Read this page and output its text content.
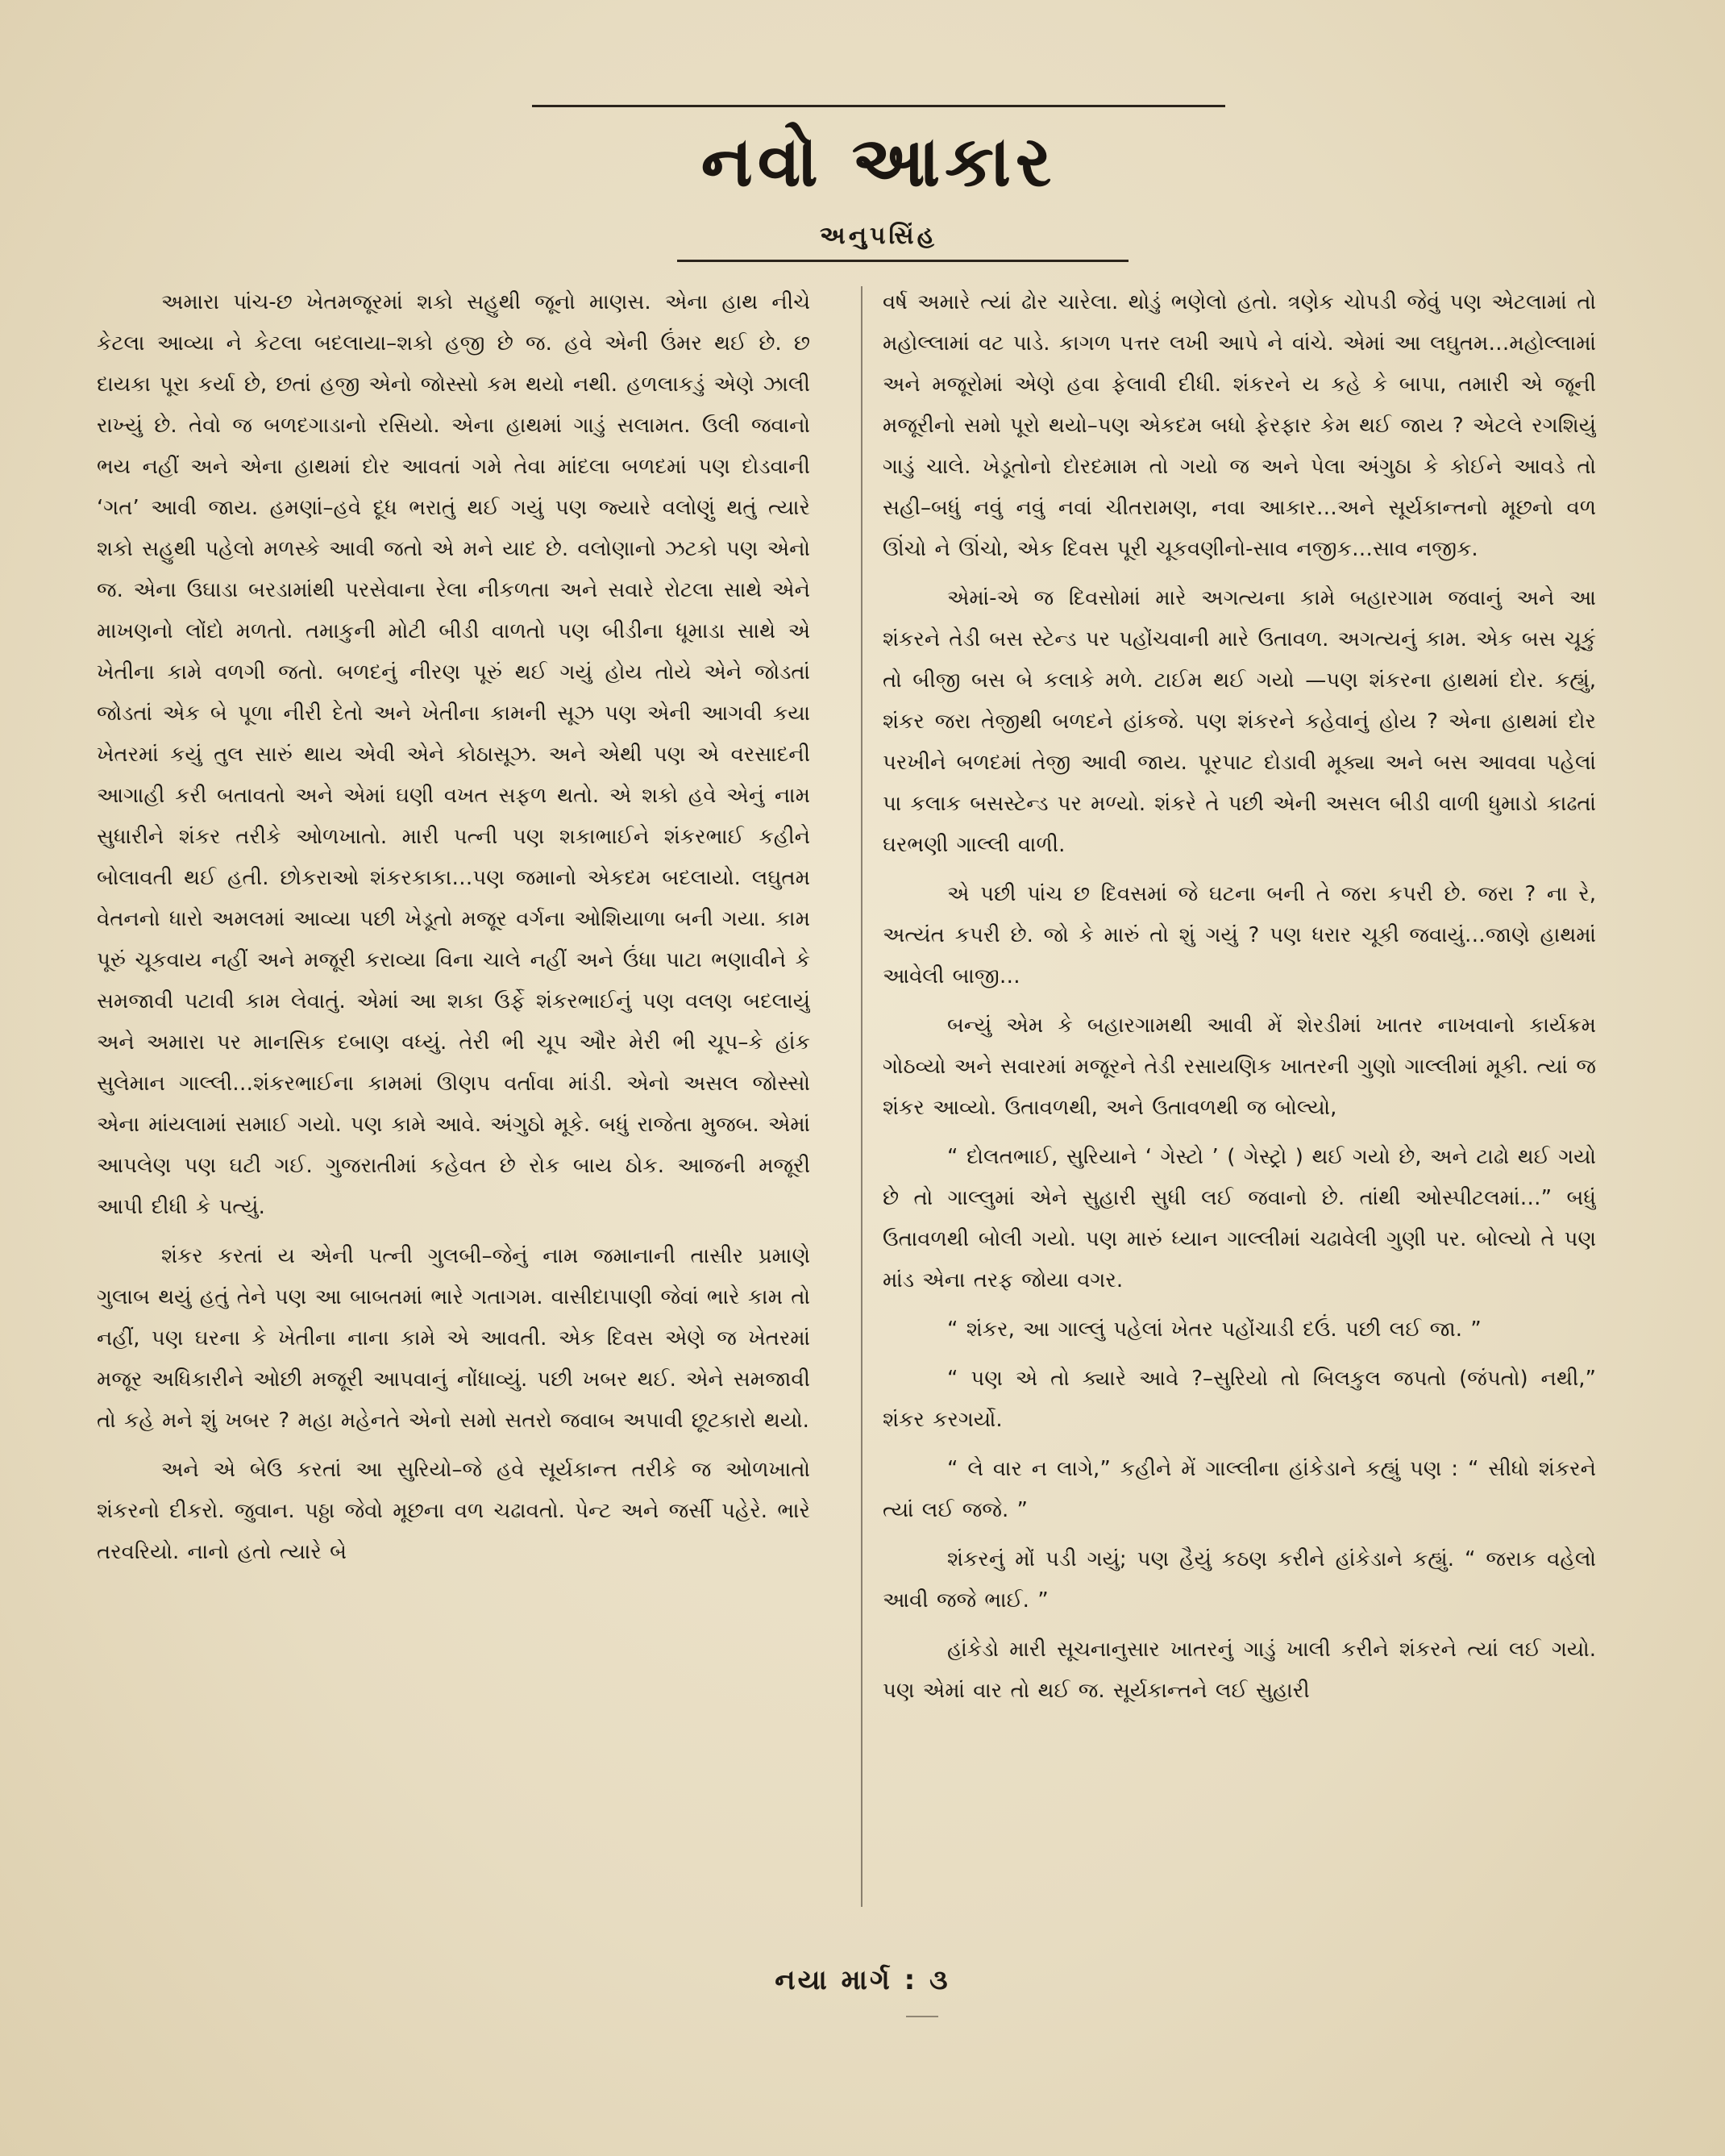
નવો આકાર
અનુપસિંહ

અમારા પાંચ-છ ખેતમજૂરમાં શકો સહુથી જૂનો માણસ. એના હાથ નીચે કેટલા આવ્યા ને કેટલા બદલાયા–શકો હજી છે જ. હવે એની ઉંમર થઈ છે. છ દાયકા પૂરા કર્યા છે, છતાં હજી એનો જોસ્સો કમ થયો નથી. હળલાકડું એણે ઝાલી રાખ્યું છે. તેવો જ બળદગાડાનો રસિયો. એના હાથમાં ગાડું સલામત. ઉલી જવાનો ભય નહીં અને એના હાથમાં દોર આવતાં ગમે તેવા માંદલા બળદમાં પણ દોડવાની ‘ગત’ આવી જાય. હમણાં–હવે દૂધ ભરાતું થઈ ગયું પણ જ્યારે વલોણું થતું ત્યારે શકો સહુથી પહેલો મળસ્કે આવી જતો એ મને યાદ છે. વલોણાનો ઝટકો પણ એનો જ. એના ઉઘાડા બરડામાંથી પરસેવાના રેલા નીકળતા અને સવારે રોટલા સાથે એને માખણનો લોંદો મળતો. તમાકુની મોટી બીડી વાળતો પણ બીડીના ધૂમાડા સાથે એ ખેતીના કામે વળગી જતો. બળદનું નીરણ પૂરું થઈ ગયું હોય તોયે એને જોડતાં જોડતાં એક બે પૂળા નીરી દેતો અને ખેતીના કામની સૂઝ પણ એની આગવી કયા ખેતરમાં કયું તુલ સારું થાય એવી એને કોઠાસૂઝ. અને એથી પણ એ વરસાદની આગાહી કરી બતાવતો અને એમાં ઘણી વખત સફળ થતો. એ શકો હવે એનું નામ સુધારીને શંકર તરીકે ઓળખાતો. મારી પત્ની પણ શકાભાઈને શંકરભાઈ કહીને બોલાવતી થઈ હતી. છોકરાઓ શંકરકાકા…પણ જમાનો એકદમ બદલાયો. લઘુતમ વેતનનો ધારો અમલમાં આવ્યા પછી ખેડૂતો મજૂર વર્ગના ઓશિયાળા બની ગયા. કામ પૂરું ચૂકવાય નહીં અને મજૂરી કરાવ્યા વિના ચાલે નહીં અને ઉંધા પાટા ભણાવીને કે સમજાવી પટાવી કામ લેવાતું. એમાં આ શકા ઉર્ફે શંકરભાઈનું પણ વલણ બદલાયું અને અમારા પર માનસિક દબાણ વધ્યું. તેરી ભી ચૂપ ઔર મેરી ભી ચૂપ–કે હાંક સુલેમાન ગાલ્લી…શંકરભાઈના કામમાં ઊણપ વર્તાવા માંડી. એનો અસલ જોસ્સો એના માંયલામાં સમાઈ ગયો. પણ કામે આવે. અંગુઠો મૂકે. બધું રાજેતા મુજબ. એમાં આપલેણ પણ ઘટી ગઈ. ગુજરાતીમાં કહેવત છે રોક બાય ઠોક. આજની મજૂરી આપી દીધી કે પત્યું.

શંકર કરતાં ય એની પત્ની ગુલબી–જેનું નામ જમાનાની તાસીર પ્રમાણે ગુલાબ થયું હતું તેને પણ આ બાબતમાં ભારે ગતાગમ. વાસીદાપાણી જેવાં ભારે કામ તો નહીં, પણ ઘરના કે ખેતીના નાના કામે એ આવતી. એક દિવસ એણે જ ખેતરમાં મજૂર અધિકારીને ઓછી મજૂરી આપવાનું નોંધાવ્યું. પછી ખબર થઈ. એને સમજાવી તો કહે મને શું ખબર ? મહા મહેનતે એનો સમો સતરો જવાબ અપાવી છૂટકારો થયો.

અને એ બેઉ કરતાં આ સુરિયો–જે હવે સૂર્યકાન્ત તરીકે જ ઓળખાતો શંકરનો દીકરો. જુવાન. પઠ્ઠા જેવો મૂછના વળ ચઢાવતો. પેન્ટ અને જર્સી પહેરે. ભારે તરવરિયો. નાનો હતો ત્યારે બે

વર્ષ અમારે ત્યાં ઢોર ચારેલા. થોડું ભણેલો હતો. ત્રણેક ચોપડી જેવું પણ એટલામાં તો મહોલ્લામાં વટ પાડે. કાગળ પત્તર લખી આપે ને વાંચે. એમાં આ લઘુતમ…મહોલ્લામાં અને મજૂરોમાં એણે હવા ફેલાવી દીધી. શંકરને ય કહે કે બાપા, તમારી એ જૂની મજૂરીનો સમો પૂરો થયો–પણ એકદમ બધો ફેરફાર કેમ થઈ જાય ? એટલે રગશિયું ગાડું ચાલે. ખેડૂતોનો દોરદમામ તો ગયો જ અને પેલા અંગુઠા કે કોઈને આવડે તો સહી–બધું નવું નવું નવાં ચીતરામણ, નવા આકાર…અને સૂર્યકાન્તનો મૂછનો વળ ઊંચો ને ઊંચો, એક દિવસ પૂરી ચૂકવણીનો-સાવ નજીક…સાવ નજીક.

એમાં-એ જ દિવસોમાં મારે અગત્યના કામે બહારગામ જવાનું અને આ શંકરને તેડી બસ સ્ટેન્ડ પર પહોંચવાની મારે ઉતાવળ. અગત્યનું કામ. એક બસ ચૂકું તો બીજી બસ બે કલાકે મળે. ટાઈમ થઈ ગયો —પણ શંકરના હાથમાં દોર. કહ્યું, શંકર જરા તેજીથી બળદને હાંકજે. પણ શંકરને કહેવાનું હોય ? એના હાથમાં દોર પરખીને બળદમાં તેજી આવી જાય. પૂરપાટ દોડાવી મૂક્યા અને બસ આવવા પહેલાં પા કલાક બસસ્ટેન્ડ પર મળ્યો. શંકરે તે પછી એની અસલ બીડી વાળી ધુમાડો કાઢતાં ઘરભણી ગાલ્લી વાળી.

એ પછી પાંચ છ દિવસમાં જે ઘટના બની તે જરા કપરી છે. જરા ? ના રે, અત્યંત કપરી છે. જો કે મારું તો શું ગયું ? પણ ધરાર ચૂકી જવાયું…જાણે હાથમાં આવેલી બાજી…

બન્યું એમ કે બહારગામથી આવી મેં શેરડીમાં ખાતર નાખવાનો કાર્યક્રમ ગોઠવ્યો અને સવારમાં મજૂરને તેડી રસાયણિક ખાતરની ગુણો ગાલ્લીમાં મૂકી. ત્યાં જ શંકર આવ્યો. ઉતાવળથી, અને ઉતાવળથી જ બોલ્યો,

“ દોલતભાઈ, સુરિયાને ‘ ગેસ્ટો ’ ( ગેસ્ટ્રો ) થઈ ગયો છે, અને ટાઢો થઈ ગયો છે તો ગાલ્લુમાં એને સુહારી સુધી લઈ જવાનો છે. તાંથી ઓસ્પીટલમાં…” બધું ઉતાવળથી બોલી ગયો. પણ મારું ધ્યાન ગાલ્લીમાં ચઢાવેલી ગુણી પર. બોલ્યો તે પણ માંડ એના તરફ જોયા વગર.

“ શંકર, આ ગાલ્લું પહેલાં ખેતર પહોંચાડી દઉં. પછી લઈ જા. ”

“ પણ એ તો ક્યારે આવે ?–સુરિયો તો બિલકુલ જપતો (જંપતો) નથી,” શંકર કરગર્યો.

“ લે વાર ન લાગે,” કહીને મેં ગાલ્લીના હાંકેડાને કહ્યું પણ : “ સીધો શંકરને ત્યાં લઈ જજે. ”

શંકરનું મોં પડી ગયું; પણ હૈયું કઠણ કરીને હાંકેડાને કહ્યું. “ જરાક વહેલો આવી જજે ભાઈ. ”

હાંકેડો મારી સૂચનાનુસાર ખાતરનું ગાડું ખાલી કરીને શંકરને ત્યાં લઈ ગયો. પણ એમાં વાર તો થઈ જ. સૂર્યકાન્તને લઈ સુહારી

નયા માર્ગ : ૩
